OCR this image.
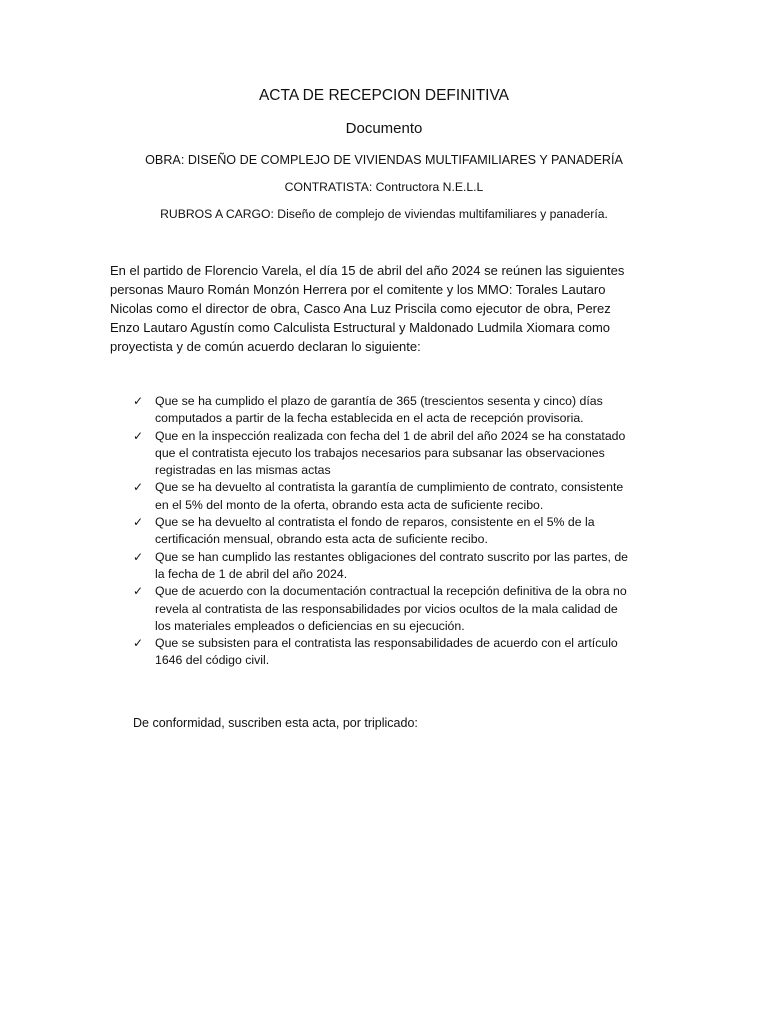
ACTA DE RECEPCION DEFINITIVA
Documento
OBRA: DISEÑO DE COMPLEJO DE VIVIENDAS MULTIFAMILIARES Y PANADERÍA
CONTRATISTA: Contructora N.E.L.L
RUBROS A CARGO: Diseño de complejo de viviendas multifamiliares y panadería.
En el partido de Florencio Varela, el día 15 de abril del año 2024 se reúnen las siguientes
personas Mauro Román Monzón Herrera por el comitente y los MMO: Torales Lautaro
Nicolas como el director de obra, Casco Ana Luz Priscila como ejecutor de obra, Perez
Enzo Lautaro Agustín como Calculista Estructural y Maldonado Ludmila Xiomara como
proyectista y de común acuerdo declaran lo siguiente:
✓ Que se ha cumplido el plazo de garantía de 365 (trescientos sesenta y cinco) días
computados a partir de la fecha establecida en el acta de recepción provisoria.
✓ Que en la inspección realizada con fecha del 1 de abril del año 2024 se ha constatado
que el contratista ejecuto los trabajos necesarios para subsanar las observaciones
registradas en las mismas actas
✓ Que se ha devuelto al contratista la garantía de cumplimiento de contrato, consistente
en el 5% del monto de la oferta, obrando esta acta de suficiente recibo.
✓ Que se ha devuelto al contratista el fondo de reparos, consistente en el 5% de la
certificación mensual, obrando esta acta de suficiente recibo.
✓ Que se han cumplido las restantes obligaciones del contrato suscrito por las partes, de
la fecha de 1 de abril del año 2024.
✓ Que de acuerdo con la documentación contractual la recepción definitiva de la obra no
revela al contratista de las responsabilidades por vicios ocultos de la mala calidad de
los materiales empleados o deficiencias en su ejecución.
✓ Que se subsisten para el contratista las responsabilidades de acuerdo con el artículo
1646 del código civil.
De conformidad, suscriben esta acta, por triplicado:
